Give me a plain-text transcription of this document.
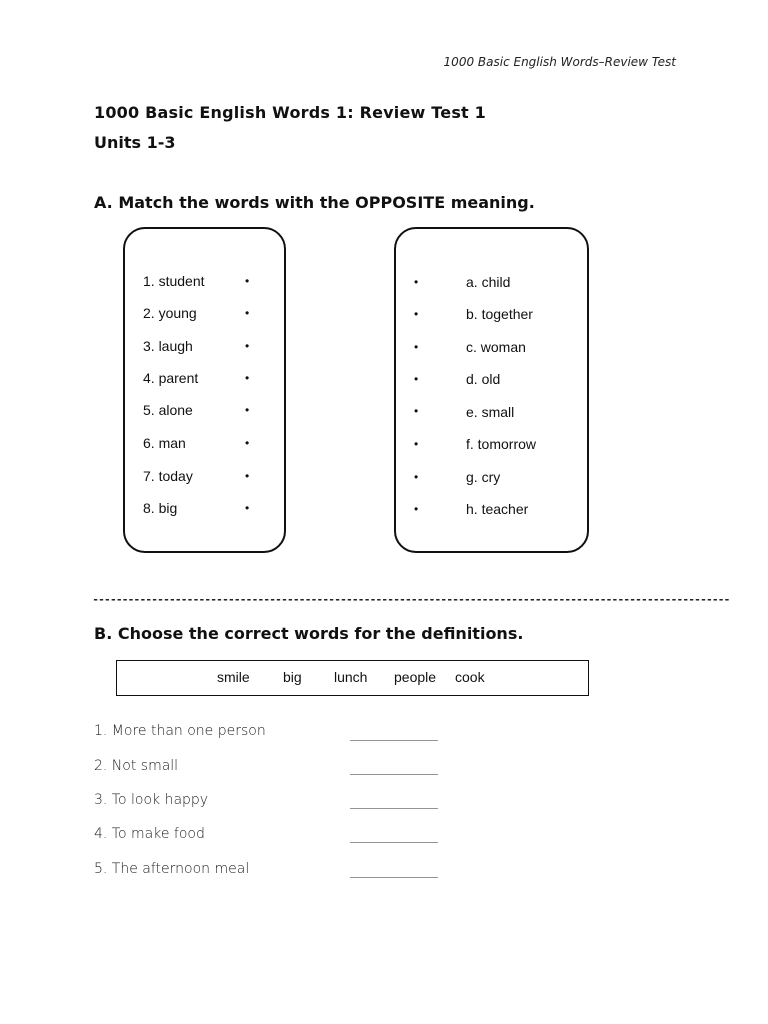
1000 Basic English Words–Review Test
1000 Basic English Words 1: Review Test 1
Units 1-3
A. Match the words with the OPPOSITE meaning.
1. student
2. young
3. laugh
4. parent
5. alone
6. man
7. today
8. big
•
•
•
•
•
•
•
•
•
•
•
•
•
•
•
•
a. child
b. together
c. woman
d. old
e. small
f. tomorrow
g. cry
h. teacher
------------------------------------------------------------------------------------------------------------
B. Choose the correct words for the definitions.
smile big lunch people cook
1. More than one person	_____________
2. Not small	_____________
3. To look happy	_____________
4. To make food	_____________
5. The afternoon meal	_____________
